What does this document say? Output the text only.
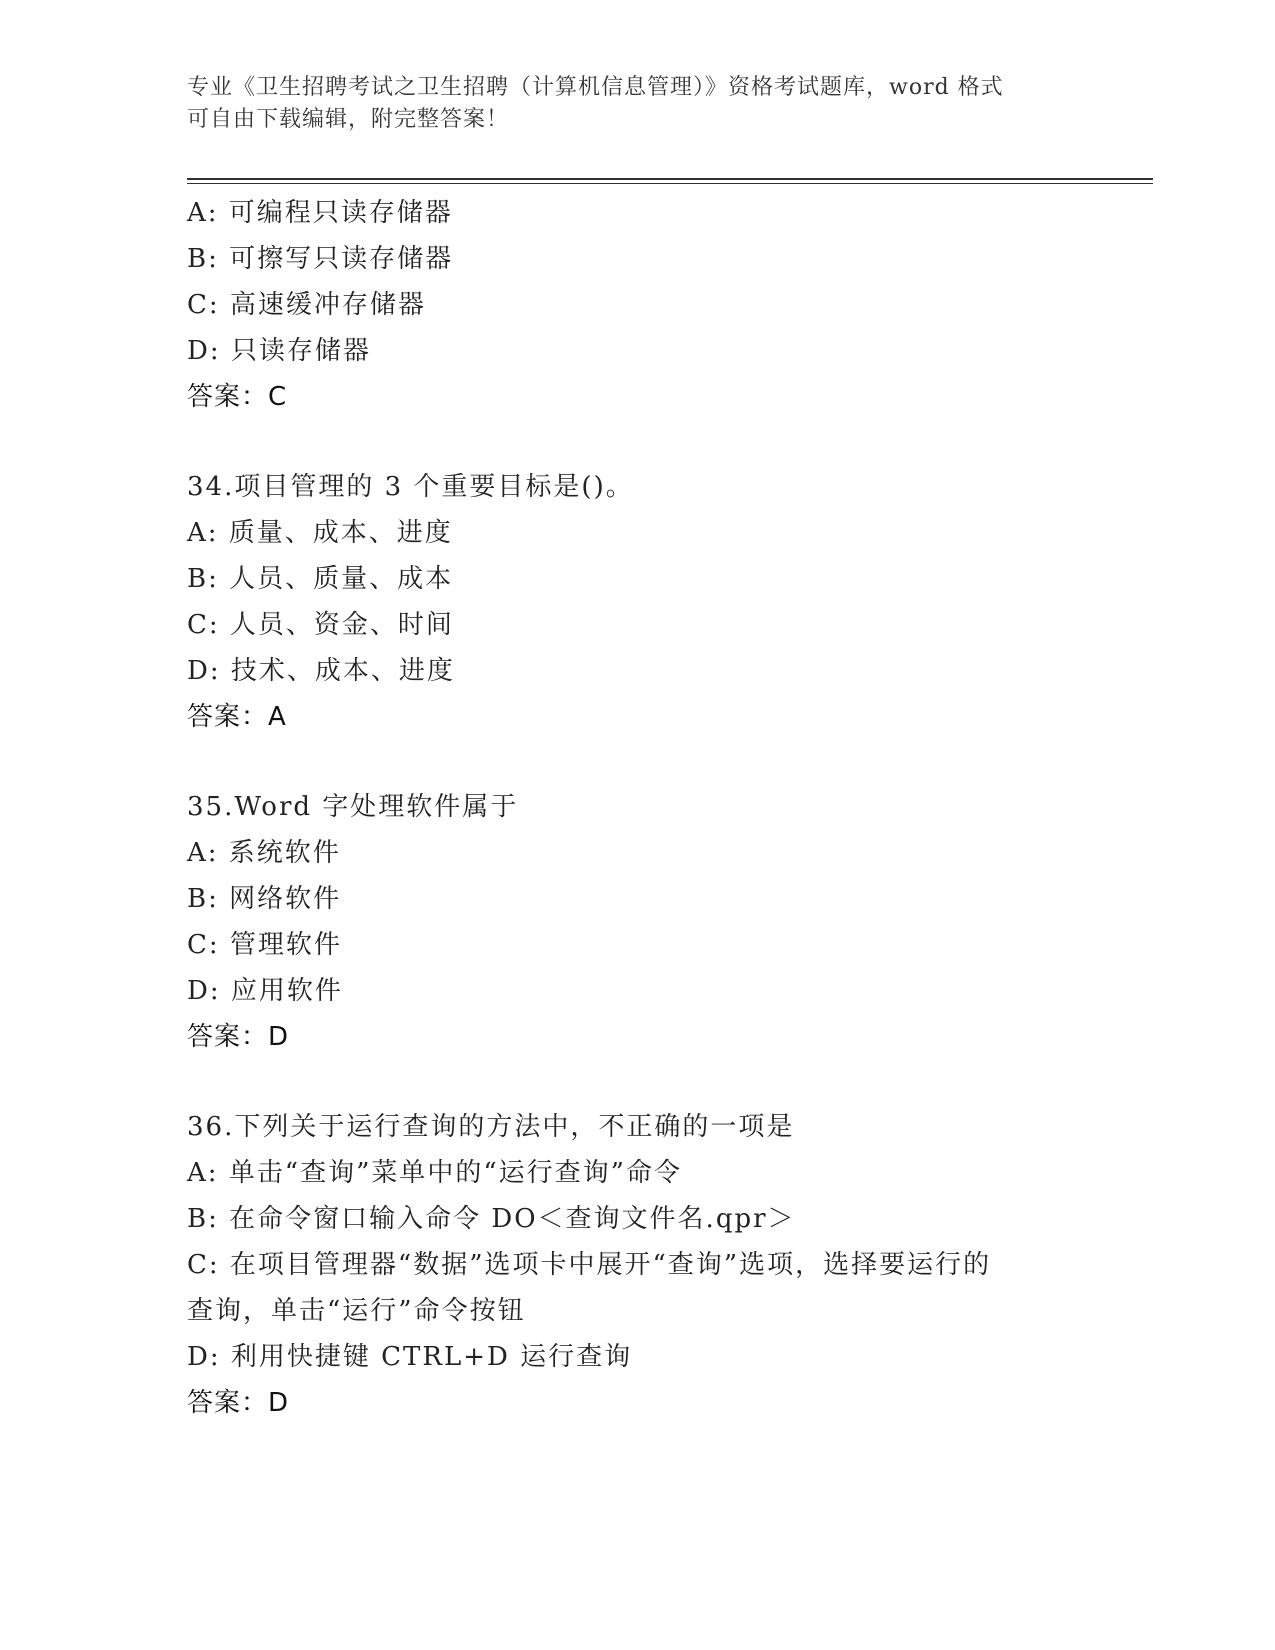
专业《卫生招聘考试之卫生招聘（计算机信息管理）》资格考试题库，word 格式
可自由下载编辑，附完整答案！
A: 可编程只读存储器
B: 可擦写只读存储器
C: 高速缓冲存储器
D: 只读存储器
答案：C
34.项目管理的 3 个重要目标是()。
A: 质量、成本、进度
B: 人员、质量、成本
C: 人员、资金、时间
D: 技术、成本、进度
答案：A
35.Word 字处理软件属于
A: 系统软件
B: 网络软件
C: 管理软件
D: 应用软件
答案：D
36.下列关于运行查询的方法中，不正确的一项是
A: 单击“查询”菜单中的“运行查询”命令
B: 在命令窗口输入命令 DO＜查询文件名.qpr＞
C: 在项目管理器“数据”选项卡中展开“查询”选项，选择要运行的
查询，单击“运行”命令按钮
D: 利用快捷键 CTRL+D 运行查询
答案：D
